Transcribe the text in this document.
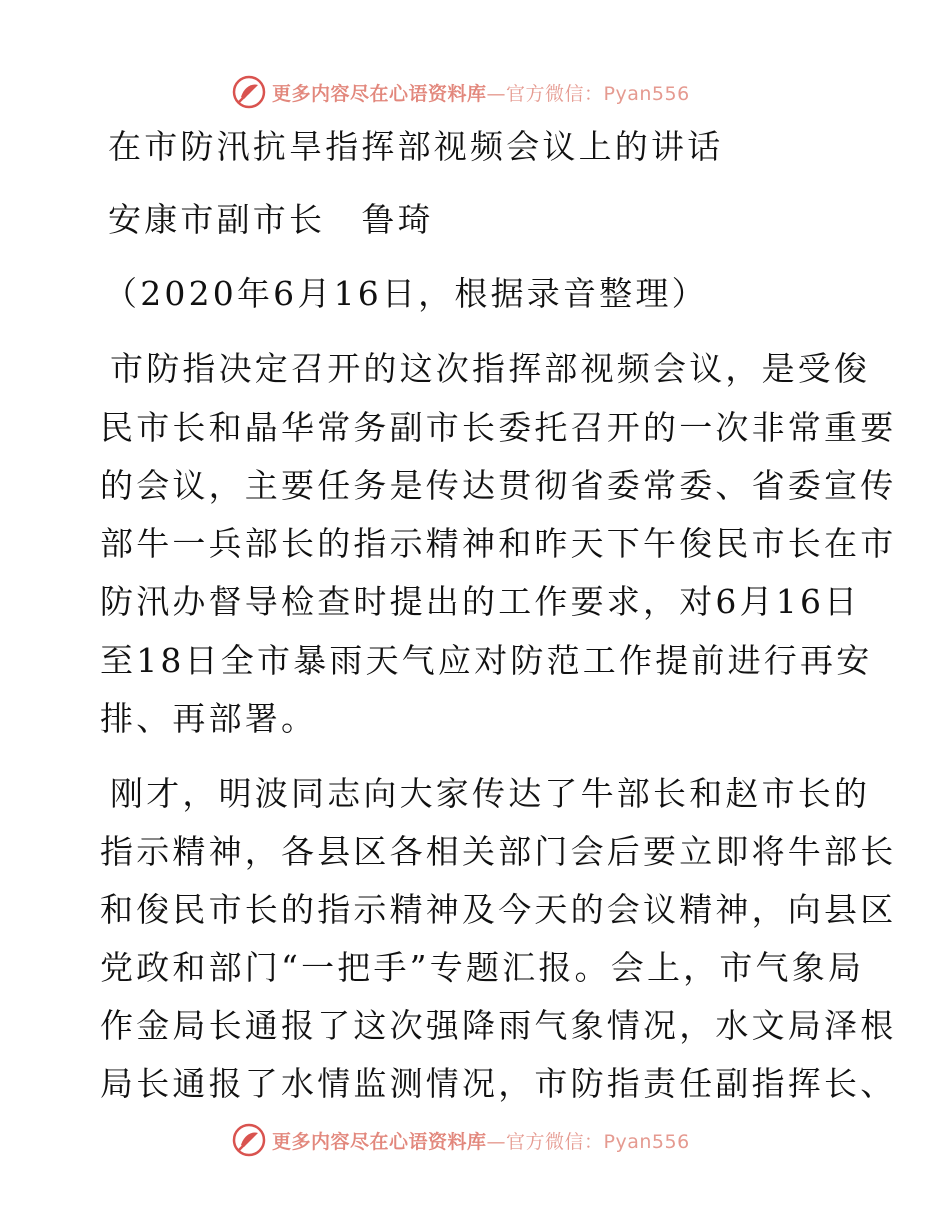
更多内容尽在心语资料库—官方微信：Pyan556
在市防汛抗旱指挥部视频会议上的讲话
安康市副市长　鲁琦
（2020年6月16日，根据录音整理）
市防指决定召开的这次指挥部视频会议，是受俊
民市长和晶华常务副市长委托召开的一次非常重要
的会议，主要任务是传达贯彻省委常委、省委宣传
部牛一兵部长的指示精神和昨天下午俊民市长在市
防汛办督导检查时提出的工作要求，对6月16日
至18日全市暴雨天气应对防范工作提前进行再安
排、再部署。
刚才，明波同志向大家传达了牛部长和赵市长的
指示精神，各县区各相关部门会后要立即将牛部长
和俊民市长的指示精神及今天的会议精神，向县区
党政和部门“一把手”专题汇报。会上，市气象局
作金局长通报了这次强降雨气象情况，水文局泽根
局长通报了水情监测情况，市防指责任副指挥长、
更多内容尽在心语资料库—官方微信：Pyan556
